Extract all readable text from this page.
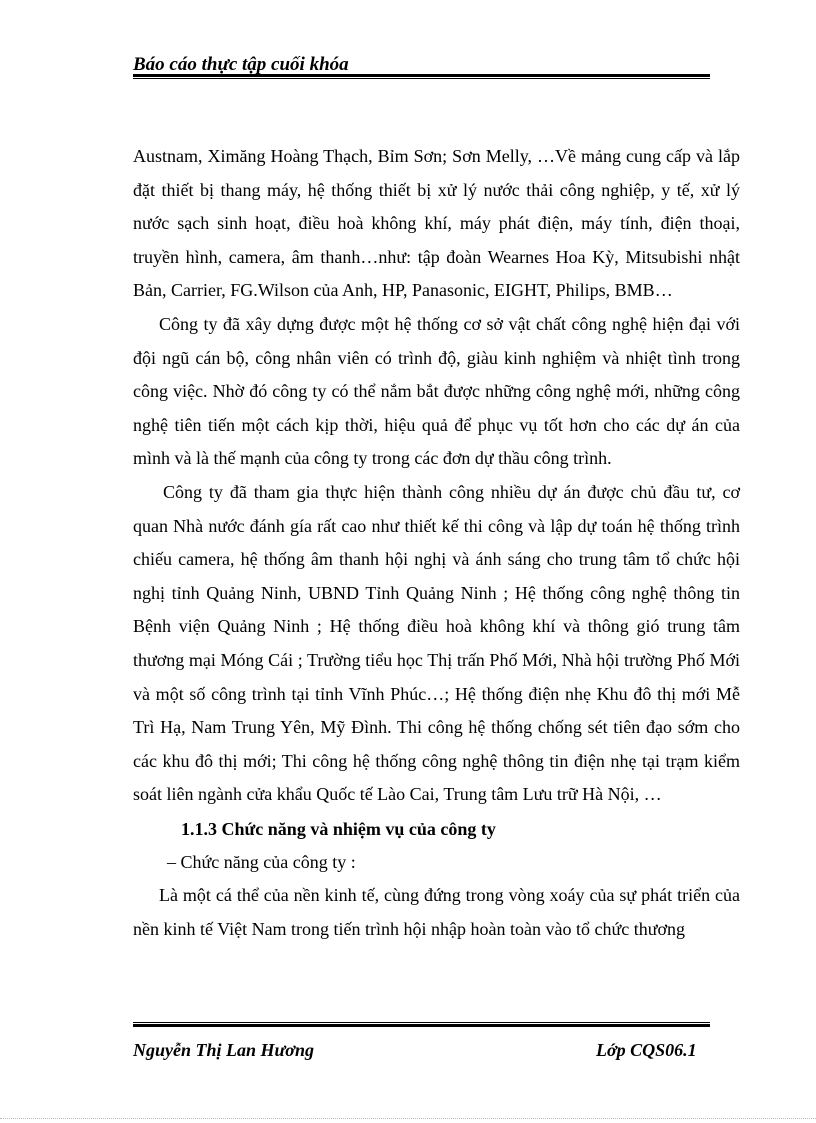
Báo cáo thực tập cuối khóa

Austnam, Ximăng Hoàng Thạch, Bỉm Sơn; Sơn Melly, …Về mảng cung cấp và lắp đặt thiết bị thang máy, hệ thống thiết bị xử lý nước thải công nghiệp, y tế, xử lý nước sạch sinh hoạt, điều hoà không khí, máy phát điện, máy tính, điện thoại, truyền hình, camera, âm thanh…như: tập đoàn Wearnes Hoa Kỳ, Mitsubishi nhật Bản, Carrier, FG.Wilson của Anh, HP, Panasonic, EIGHT, Philips, BMB…

Công ty đã xây dựng được một hệ thống cơ sở vật chất công nghệ hiện đại với đội ngũ cán bộ, công nhân viên có trình độ, giàu kinh nghiệm và nhiệt tình trong công việc. Nhờ đó công ty có thể nắm bắt được những công nghệ mới, những công nghệ tiên tiến một cách kịp thời, hiệu quả để phục vụ tốt hơn cho các dự án của mình và là thế mạnh của công ty trong các đơn dự thầu công trình.

Công ty đã tham gia thực hiện thành công nhiều dự án được chủ đầu tư, cơ quan Nhà nước đánh gía rất cao như thiết kế thi công và lập dự toán hệ thống trình chiếu camera, hệ thống âm thanh hội nghị và ánh sáng cho trung tâm tổ chức hội nghị tỉnh Quảng Ninh, UBND Tỉnh Quảng Ninh ; Hệ thống công nghệ thông tin Bệnh viện Quảng Ninh ; Hệ thống điều hoà không khí và thông gió trung tâm thương mại Móng Cái ; Trường tiểu học Thị trấn Phố Mới, Nhà hội trường Phố Mới và một số công trình tại tỉnh Vĩnh Phúc…; Hệ thống điện nhẹ Khu đô thị mới Mễ Trì Hạ, Nam Trung Yên, Mỹ Đình. Thi công hệ thống chống sét tiên đạo sớm cho các khu đô thị mới; Thi công hệ thống công nghệ thông tin điện nhẹ tại trạm kiểm soát liên ngành cửa khẩu Quốc tế Lào Cai, Trung tâm Lưu trữ Hà Nội, …

1.1.3 Chức năng và nhiệm vụ của công ty

– Chức năng của công ty :

Là một cá thể của nền kinh tế, cùng đứng trong vòng xoáy của sự phát triển của nền kinh tế Việt Nam trong tiến trình hội nhập hoàn toàn vào tổ chức thương

Nguyễn Thị Lan Hương	Lớp CQS06.1
